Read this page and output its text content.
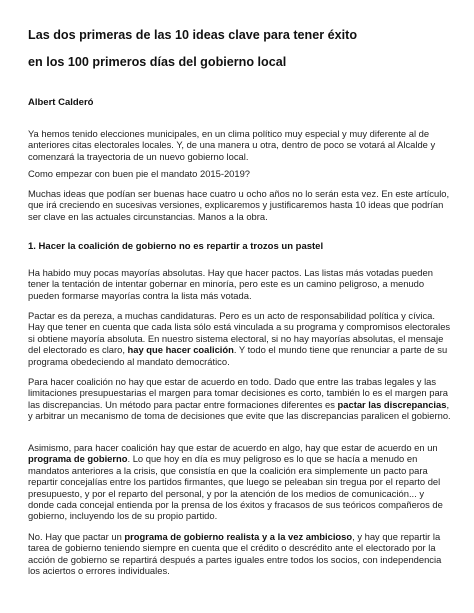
Las dos primeras de las 10 ideas clave para tener éxito
en los 100 primeros días del gobierno local

Albert Calderó

Ya hemos tenido elecciones municipales, en un clima político muy especial y muy diferente al de anteriores citas electorales locales. Y, de una manera u otra, dentro de poco se votará al Alcalde y comenzará la trayectoria de un nuevo gobierno local.

Como empezar con buen pie el mandato 2015-2019?

Muchas ideas que podían ser buenas hace cuatro u ocho años no lo serán esta vez. En este artículo, que irá creciendo en sucesivas versiones, explicaremos y justificaremos hasta 10 ideas que podrían ser clave en las actuales circunstancias. Manos a la obra.

1. Hacer la coalición de gobierno no es repartir a trozos un pastel

Ha habido muy pocas mayorías absolutas. Hay que hacer pactos. Las listas más votadas pueden tener la tentación de intentar gobernar en minoría, pero este es un camino peligroso, a menudo pueden formarse mayorías contra la lista más votada.

Pactar es da pereza, a muchas candidaturas. Pero es un acto de responsabilidad política y cívica. Hay que tener en cuenta que cada lista sólo está vinculada a su programa y compromisos electorales si obtiene mayoría absoluta. En nuestro sistema electoral, si no hay mayorías absolutas, el mensaje del electorado es claro, hay que hacer coalición. Y todo el mundo tiene que renunciar a parte de su programa obedeciendo al mandato democrático.

Para hacer coalición no hay que estar de acuerdo en todo. Dado que entre las trabas legales y las limitaciones presupuestarias el margen para tomar decisiones es corto, también lo es el margen para las discrepancias. Un método para pactar entre formaciones diferentes es pactar las discrepancias, y arbitrar un mecanismo de toma de decisiones que evite que las discrepancias paralicen el gobierno.

Asimismo, para hacer coalición hay que estar de acuerdo en algo, hay que estar de acuerdo en un programa de gobierno. Lo que hoy en día es muy peligroso es lo que se hacía a menudo en mandatos anteriores a la crisis, que consistía en que la coalición era simplemente un pacto para repartir concejalías entre los partidos firmantes, que luego se peleaban sin tregua por el reparto del presupuesto, y por el reparto del personal, y por la atención de los medios de comunicación... y donde cada concejal entienda por la prensa de los éxitos y fracasos de sus teóricos compañeros de gobierno, incluyendo los de su propio partido.

No. Hay que pactar un programa de gobierno realista y a la vez ambicioso, y hay que repartir la tarea de gobierno teniendo siempre en cuenta que el crédito o descrédito ante el electorado por la acción de gobierno se repartirá después a partes iguales entre todos los socios, con independencia los aciertos o errores individuales.
